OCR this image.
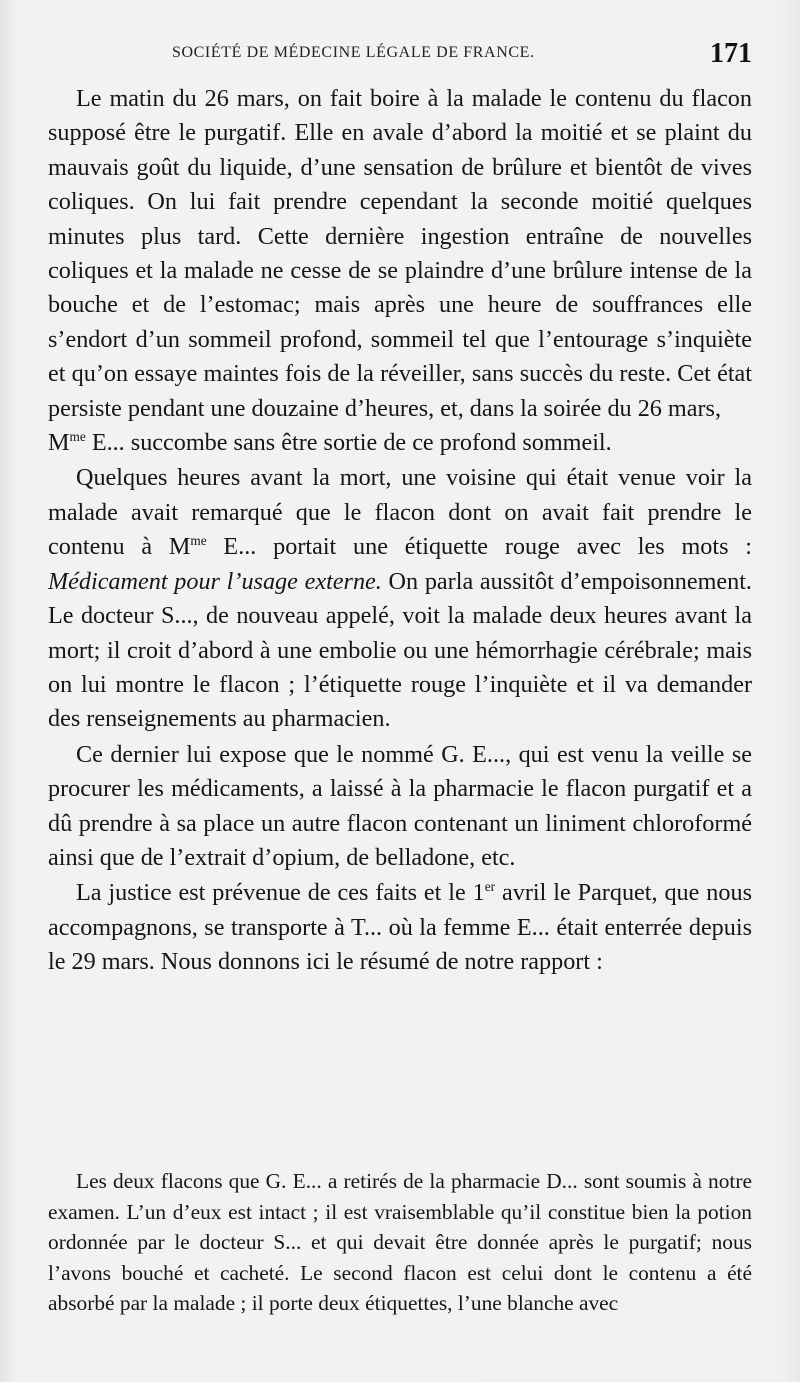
SOCIÉTÉ DE MÉDECINE LÉGALE DE FRANCE.	171

Le matin du 26 mars, on fait boire à la malade le contenu du flacon supposé être le purgatif. Elle en avale d’abord la moitié et se plaint du mauvais goût du liquide, d’une sensation de brûlure et bientôt de vives coliques. On lui fait prendre cependant la seconde moitié quelques minutes plus tard. Cette dernière ingestion entraîne de nouvelles coliques et la malade ne cesse de se plaindre d’une brûlure intense de la bouche et de l’estomac; mais après une heure de souffrances elle s’endort d’un sommeil profond, sommeil tel que l’entourage s’inquiète et qu’on essaye maintes fois de la réveiller, sans succès du reste. Cet état persiste pendant une douzaine d’heures, et, dans la soirée du 26 mars,
$M^{me}$ E... succombe sans être sortie de ce profond sommeil.

Quelques heures avant la mort, une voisine qui était venue voir la malade avait remarqué que le flacon dont on avait fait prendre le contenu à $M^{me}$ E... portait une étiquette rouge avec les mots : Médicament pour l’usage externe. On parla aussitôt d’empoisonnement. Le docteur S..., de nouveau appelé, voit la malade deux heures avant la mort; il croit d’abord à une embolie ou une hémorrhagie cérébrale; mais on lui montre le flacon ; l’étiquette rouge l’inquiète et il va demander des renseignements au pharmacien.

Ce dernier lui expose que le nommé G. E..., qui est venu la veille se procurer les médicaments, a laissé à la pharmacie le flacon purgatif et a dû prendre à sa place un autre flacon contenant un liniment chloroformé ainsi que de l’extrait d’opium, de belladone, etc.

La justice est prévenue de ces faits et le 1er avril le Parquet, que nous accompagnons, se transporte à T... où la femme E... était enterrée depuis le 29 mars. Nous donnons ici le résumé de notre rapport :

Les deux flacons que G. E... a retirés de la pharmacie D... sont soumis à notre examen. L’un d’eux est intact ; il est vraisemblable qu’il constitue bien la potion ordonnée par le docteur S... et qui devait être donnée après le purgatif; nous l’avons bouché et cacheté. Le second flacon est celui dont le contenu a été absorbé par la malade ; il porte deux étiquettes, l’une blanche avec
